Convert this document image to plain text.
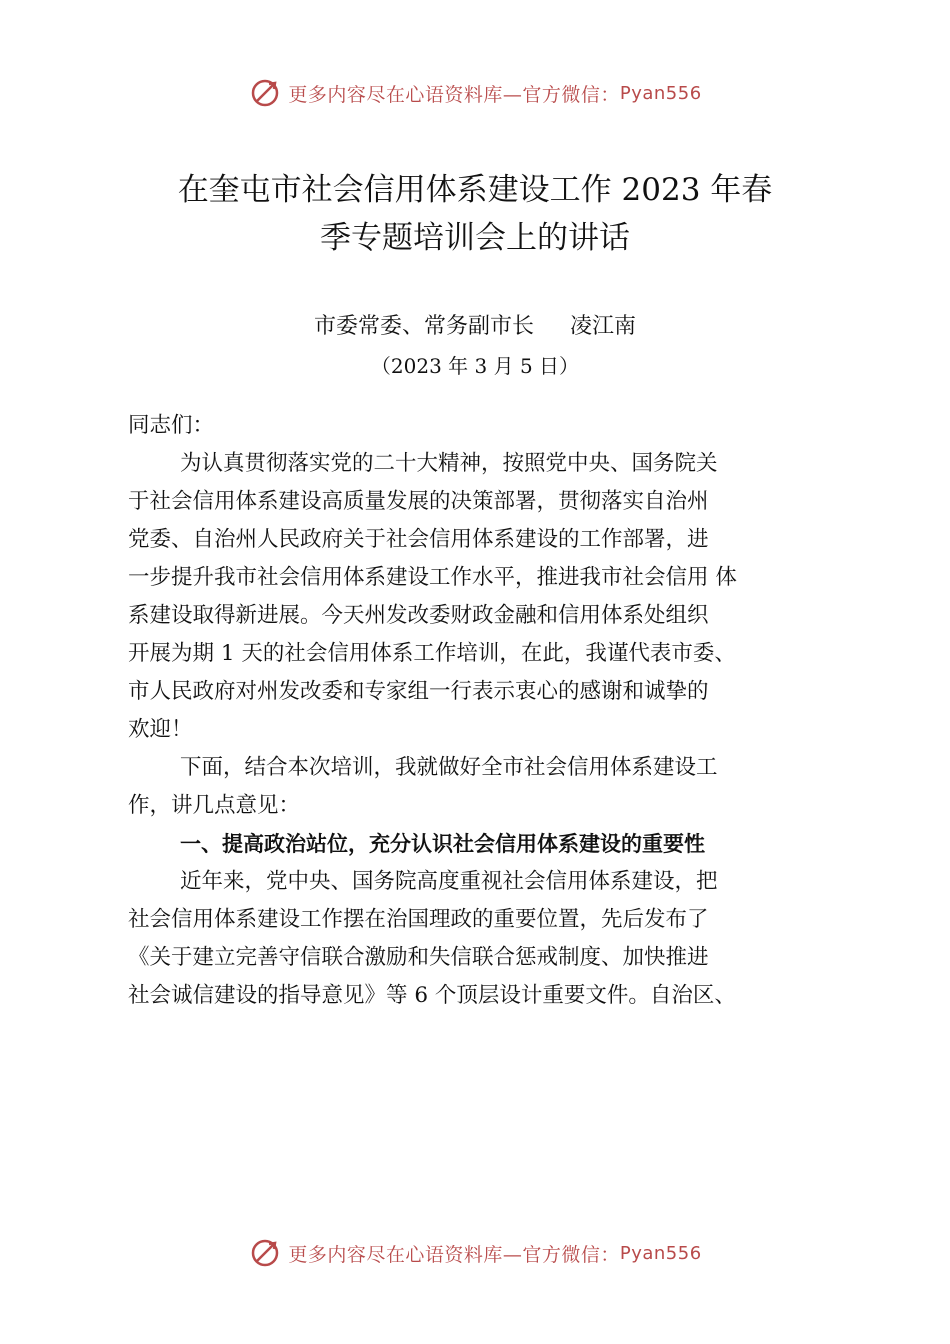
更多内容尽在心语资料库—官方微信： Pyan556
在奎屯市社会信用体系建设工作 2023 年春
季专题培训会上的讲话
市委常委、常务副市长 凌江南
（2023 年 3 月 5 日）
同志们：
为认真贯彻落实党的二十大精神，按照党中央、国务院关
于社会信用体系建设高质量发展的决策部署，贯彻落实自治州
党委、自治州人民政府关于社会信用体系建设的工作部署，进
一步提升我市社会信用体系建设工作水平，推进我市社会信用 体
系建设取得新进展。今天州发改委财政金融和信用体系处组织
开展为期 1 天的社会信用体系工作培训，在此，我谨代表市委、
市人民政府对州发改委和专家组一行表示衷心的感谢和诚挚的
欢迎！
下面，结合本次培训，我就做好全市社会信用体系建设工
作，讲几点意见：
一、提高政治站位，充分认识社会信用体系建设的重要性
近年来，党中央、国务院高度重视社会信用体系建设，把
社会信用体系建设工作摆在治国理政的重要位置，先后发布了
《关于建立完善守信联合激励和失信联合惩戒制度、加快推进
社会诚信建设的指导意见》等 6 个顶层设计重要文件。自治区、
更多内容尽在心语资料库—官方微信： Pyan556
